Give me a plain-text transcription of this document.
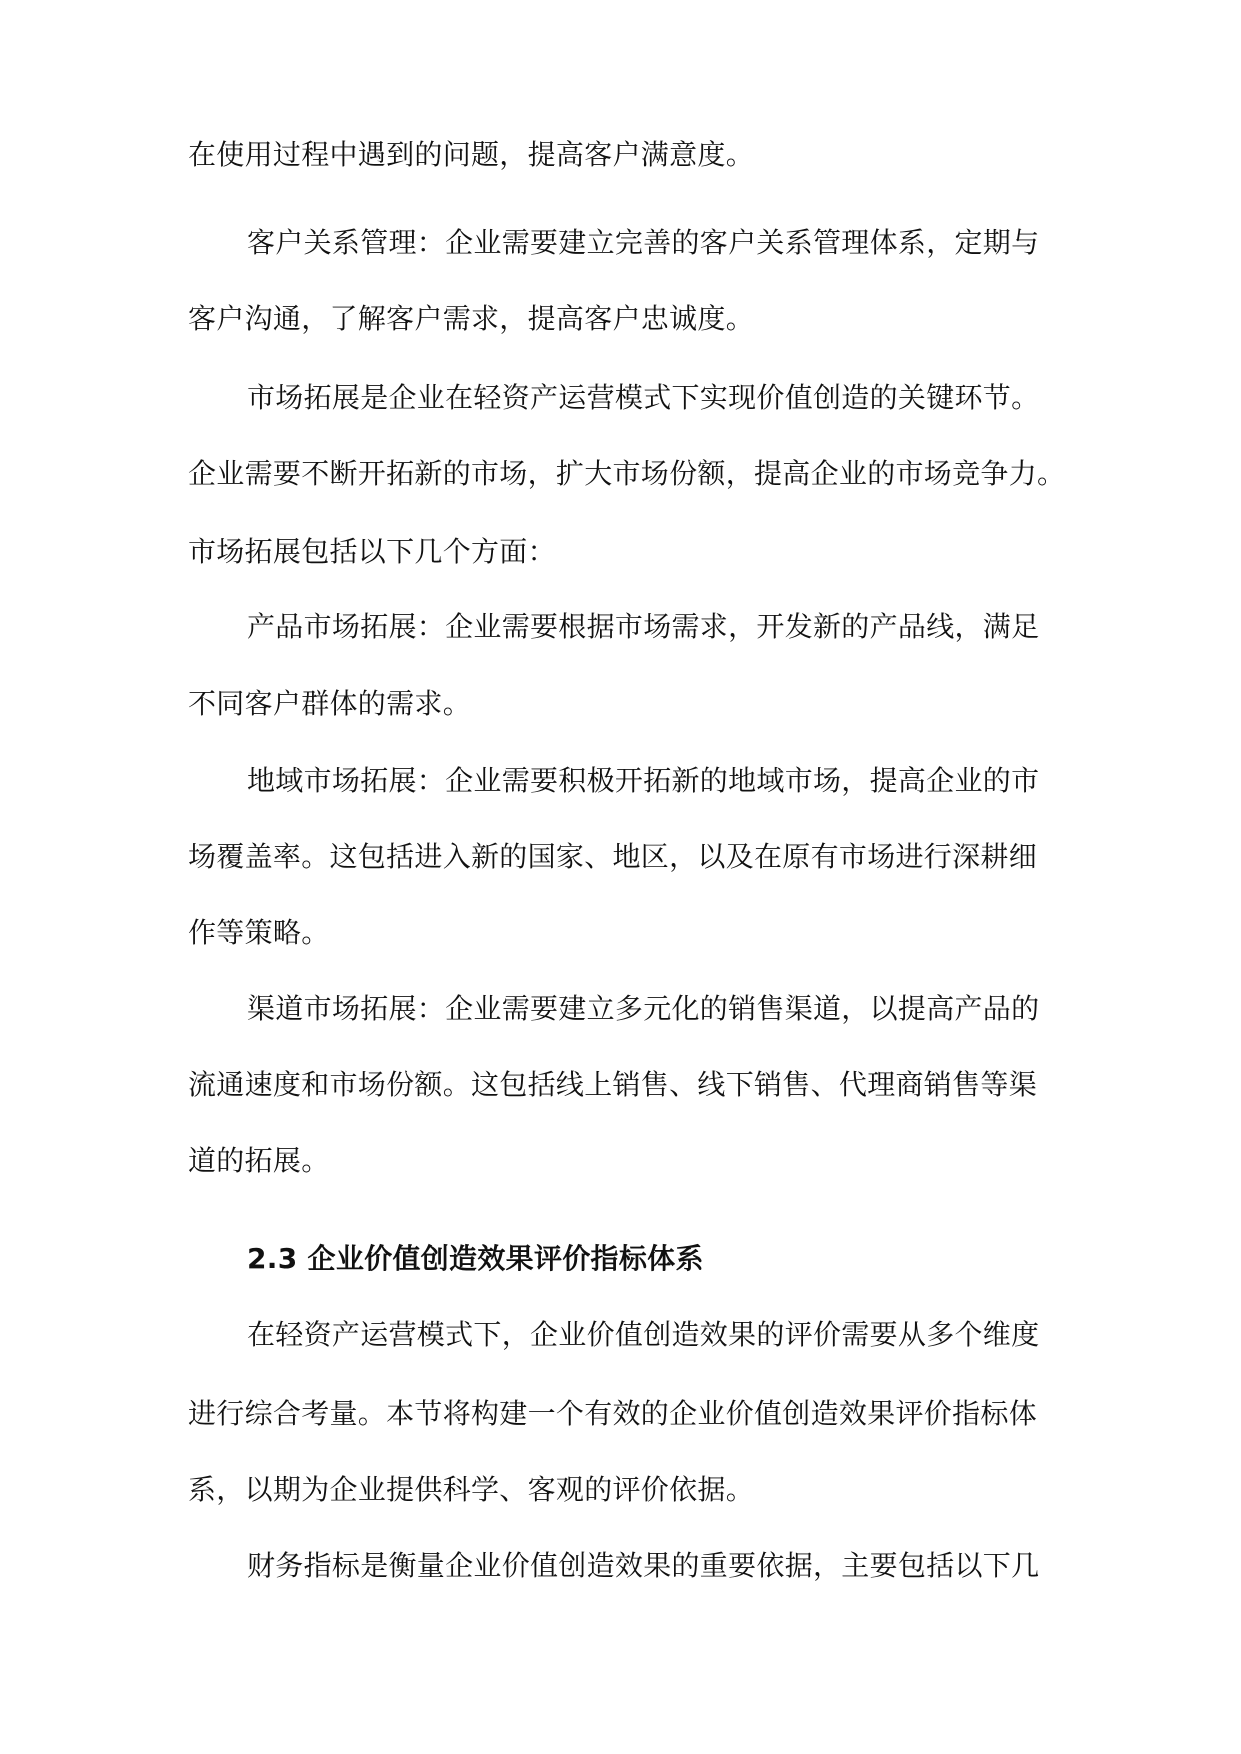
在使用过程中遇到的问题，提高客户满意度。
客户关系管理：企业需要建立完善的客户关系管理体系，定期与
客户沟通，了解客户需求，提高客户忠诚度。
市场拓展是企业在轻资产运营模式下实现价值创造的关键环节。
企业需要不断开拓新的市场，扩大市场份额，提高企业的市场竞争力。
市场拓展包括以下几个方面：
产品市场拓展：企业需要根据市场需求，开发新的产品线，满足
不同客户群体的需求。
地域市场拓展：企业需要积极开拓新的地域市场，提高企业的市
场覆盖率。这包括进入新的国家、地区，以及在原有市场进行深耕细
作等策略。
渠道市场拓展：企业需要建立多元化的销售渠道，以提高产品的
流通速度和市场份额。这包括线上销售、线下销售、代理商销售等渠
道的拓展。
2.3 企业价值创造效果评价指标体系
在轻资产运营模式下，企业价值创造效果的评价需要从多个维度
进行综合考量。本节将构建一个有效的企业价值创造效果评价指标体
系，以期为企业提供科学、客观的评价依据。
财务指标是衡量企业价值创造效果的重要依据，主要包括以下几
